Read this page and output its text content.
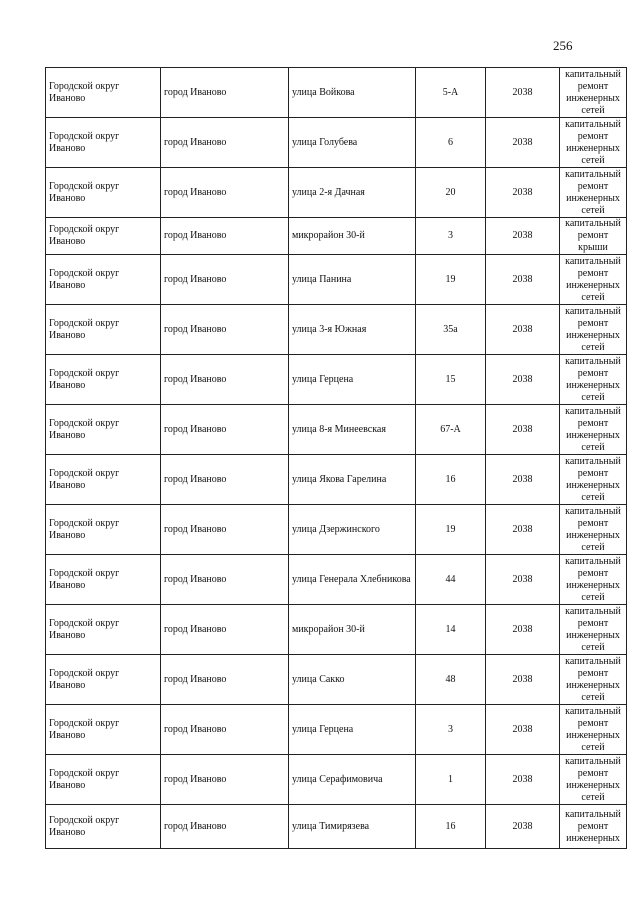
256
Городской округ Иваново	город Иваново	улица Войкова	5-А	2038	капитальный ремонт инженерных сетей
Городской округ Иваново	город Иваново	улица Голубева	6	2038	капитальный ремонт инженерных сетей
Городской округ Иваново	город Иваново	улица 2-я Дачная	20	2038	капитальный ремонт инженерных сетей
Городской округ Иваново	город Иваново	микрорайон 30-й	3	2038	капитальный ремонт крыши
Городской округ Иваново	город Иваново	улица Панина	19	2038	капитальный ремонт инженерных сетей
Городской округ Иваново	город Иваново	улица 3-я Южная	35а	2038	капитальный ремонт инженерных сетей
Городской округ Иваново	город Иваново	улица Герцена	15	2038	капитальный ремонт инженерных сетей
Городской округ Иваново	город Иваново	улица 8-я Минеевская	67-А	2038	капитальный ремонт инженерных сетей
Городской округ Иваново	город Иваново	улица Якова Гарелина	16	2038	капитальный ремонт инженерных сетей
Городской округ Иваново	город Иваново	улица Дзержинского	19	2038	капитальный ремонт инженерных сетей
Городской округ Иваново	город Иваново	улица Генерала Хлебникова	44	2038	капитальный ремонт инженерных сетей
Городской округ Иваново	город Иваново	микрорайон 30-й	14	2038	капитальный ремонт инженерных сетей
Городской округ Иваново	город Иваново	улица Сакко	48	2038	капитальный ремонт инженерных сетей
Городской округ Иваново	город Иваново	улица Герцена	3	2038	капитальный ремонт инженерных сетей
Городской округ Иваново	город Иваново	улица Серафимовича	1	2038	капитальный ремонт инженерных сетей
Городской округ Иваново	город Иваново	улица Тимирязева	16	2038	капитальный ремонт инженерных
